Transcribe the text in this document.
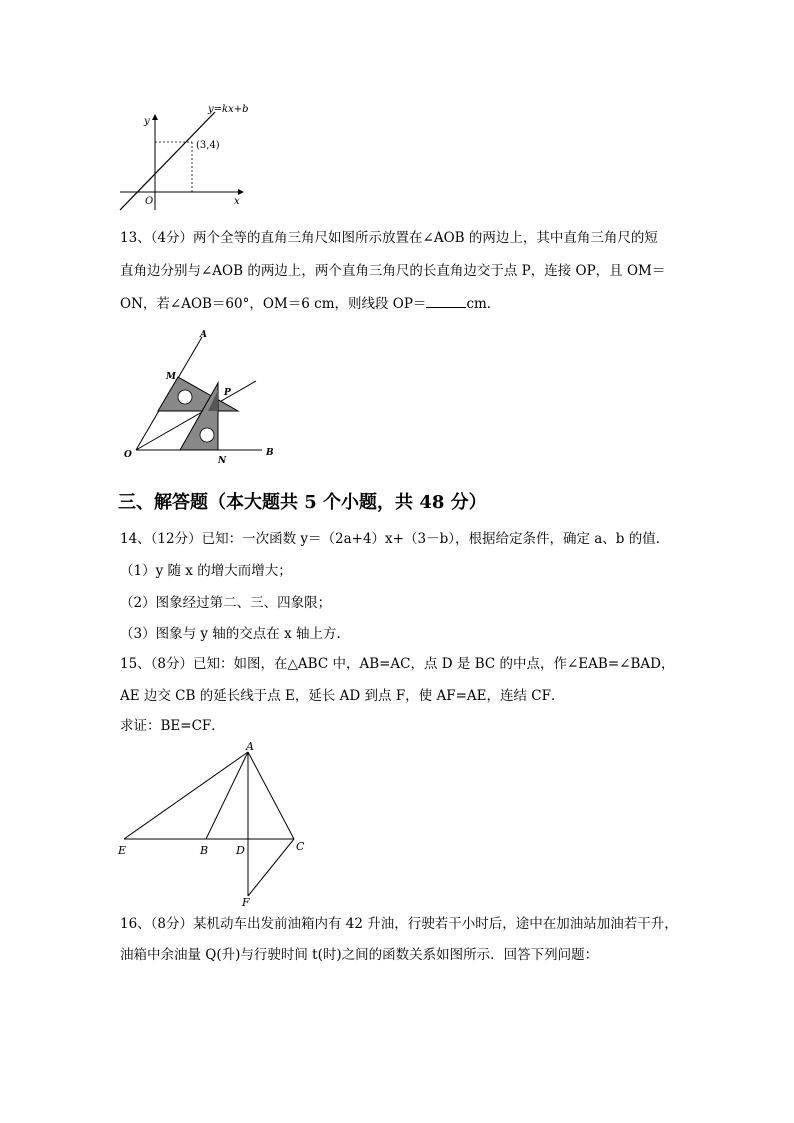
y=kx+b
(3,4)
y
x
O
13、（4分）两个全等的直角三角尺如图所示放置在∠AOB 的两边上，其中直角三角尺的短
直角边分别与∠AOB 的两边上，两个直角三角尺的长直角边交于点 P，连接 OP，且 OM＝
ON，若∠AOB＝60°，OM＝6 cm，则线段 OP＝	cm．
A
M
P
O
N
B
三、解答题（本大题共 5 个小题，共 48 分）
14、（12分）已知：一次函数 y＝（2a+4）x+（3－b），根据给定条件，确定 a、b 的值．
（1）y 随 x 的增大而增大；
（2）图象经过第二、三、四象限；
（3）图象与 y 轴的交点在 x 轴上方．
15、（8分）已知：如图，在△ABC 中，AB=AC，点 D 是 BC 的中点，作∠EAB=∠BAD，
AE 边交 CB 的延长线于点 E，延长 AD 到点 F，使 AF=AE，连结 CF．
求证：BE=CF．
A
E	B	D	C
F
16、（8分）某机动车出发前油箱内有 42 升油，行驶若干小时后，途中在加油站加油若干升，
油箱中余油量 Q(升)与行驶时间 t(时)之间的函数关系如图所示．回答下列问题：
